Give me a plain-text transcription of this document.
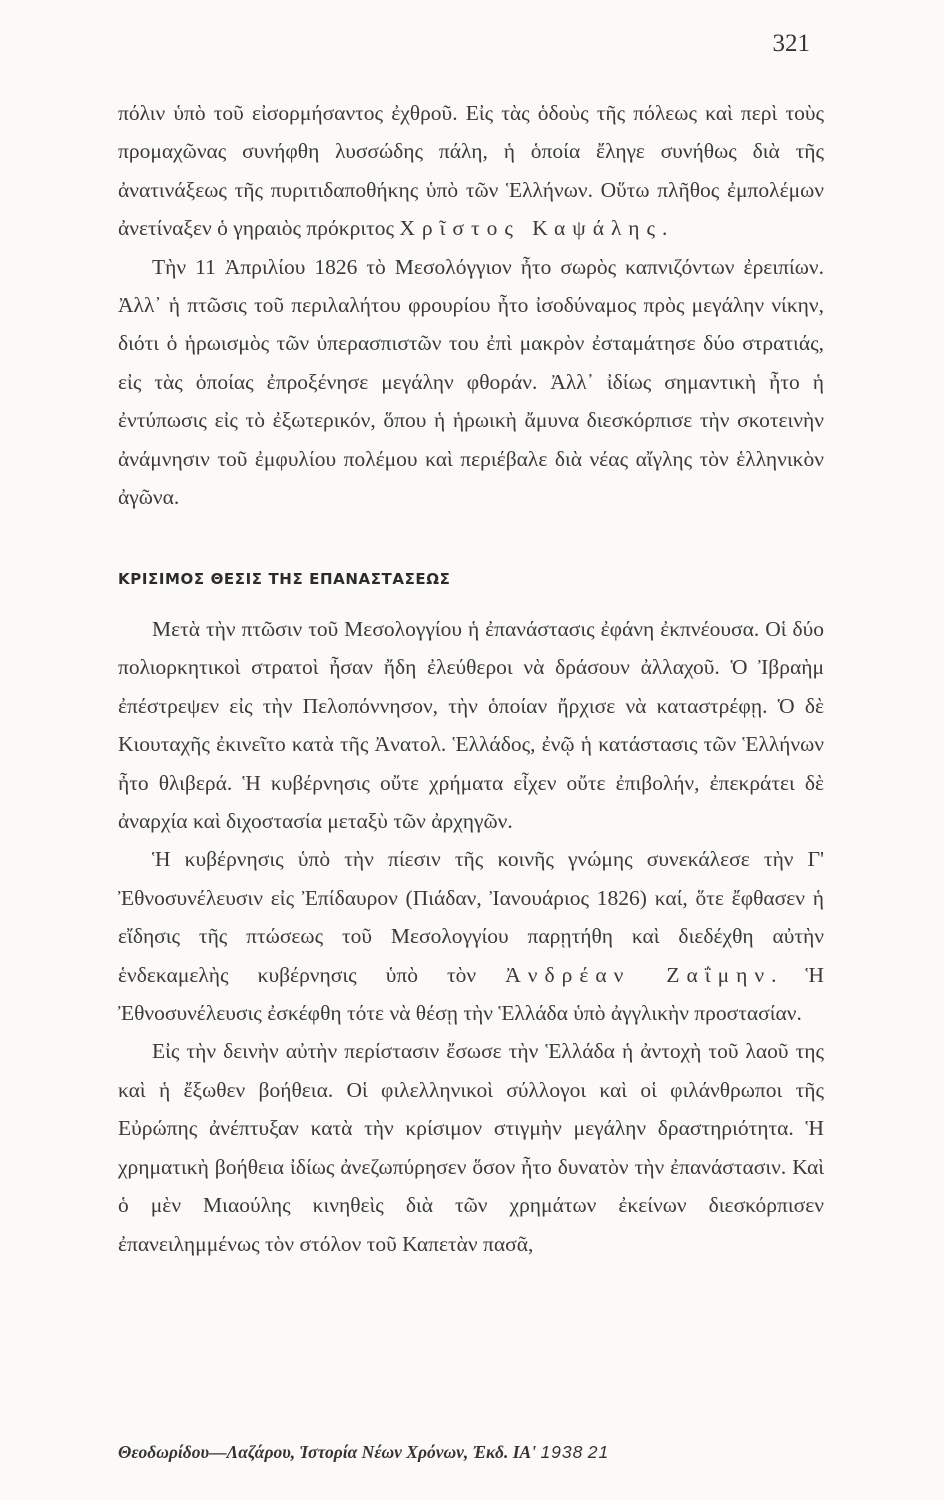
321

πόλιν ὑπὸ τοῦ εἰσορμήσαντος ἐχθροῦ. Εἰς τὰς ὁδοὺς τῆς πόλεως καὶ περὶ τοὺς προμαχῶνας συνήφθη λυσσώδης πάλη, ἡ ὁποία ἔληγε συνήθως διὰ τῆς ἀνατινάξεως τῆς πυριτιδαποθήκης ὑπὸ τῶν Ἑλλήνων. Οὕτω πλῆθος ἐμπολέμων ἀνετίναξεν ὁ γηραιὸς πρόκριτος Χρῖστος Καψάλης.

Τὴν 11 Ἀπριλίου 1826 τὸ Μεσολόγγιον ἦτο σωρὸς καπνιζόντων ἐρειπίων. Ἀλλ᾿ ἡ πτῶσις τοῦ περιλαλήτου φρουρίου ἦτο ἰσοδύναμος πρὸς μεγάλην νίκην, διότι ὁ ἡρωισμὸς τῶν ὑπερασπιστῶν του ἐπὶ μακρὸν ἐσταμάτησε δύο στρατιάς, εἰς τὰς ὁποίας ἐπροξένησε μεγάλην φθοράν. Ἀλλ᾿ ἰδίως σημαντικὴ ἦτο ἡ ἐντύπωσις εἰς τὸ ἐξωτερικόν, ὅπου ἡ ἡρωικὴ ἄμυνα διεσκόρπισε τὴν σκοτεινὴν ἀνάμνησιν τοῦ ἐμφυλίου πολέμου καὶ περιέβαλε διὰ νέας αἴγλης τὸν ἑλληνικὸν ἀγῶνα.

ΚΡΙΣΙΜΟΣ ΘΕΣΙΣ ΤΗΣ ΕΠΑΝΑΣΤΑΣΕΩΣ

Μετὰ τὴν πτῶσιν τοῦ Μεσολογγίου ἡ ἐπανάστασις ἐφάνη ἐκπνέουσα. Οἱ δύο πολιορκητικοὶ στρατοὶ ἦσαν ἤδη ἐλεύθεροι νὰ δράσουν ἀλλαχοῦ. Ὁ Ἰβραὴμ ἐπέστρεψεν εἰς τὴν Πελοπόννησον, τὴν ὁποίαν ἤρχισε νὰ καταστρέφῃ. Ὁ δὲ Κιουταχῆς ἐκινεῖτο κατὰ τῆς Ἀνατολ. Ἑλλάδος, ἐνῷ ἡ κατάστασις τῶν Ἑλλήνων ἦτο θλιβερά. Ἡ κυβέρνησις οὔτε χρήματα εἶχεν οὔτε ἐπιβολήν, ἐπεκράτει δὲ ἀναρχία καὶ διχοστασία μεταξὺ τῶν ἀρχηγῶν.

Ἡ κυβέρνησις ὑπὸ τὴν πίεσιν τῆς κοινῆς γνώμης συνεκάλεσε τὴν Γ' Ἐθνοσυνέλευσιν εἰς Ἐπίδαυρον (Πιάδαν, Ἰανουάριος 1826) καί, ὅτε ἔφθασεν ἡ εἴδησις τῆς πτώσεως τοῦ Μεσολογγίου παρῃτήθη καὶ διεδέχθη αὐτὴν ἑνδεκαμελὴς κυβέρνησις ὑπὸ τὸν Ἀνδρέαν Ζαΐμην. Ἡ Ἐθνοσυνέλευσις ἐσκέφθη τότε νὰ θέσῃ τὴν Ἑλλάδα ὑπὸ ἀγγλικὴν προστασίαν.

Εἰς τὴν δεινὴν αὐτὴν περίστασιν ἔσωσε τὴν Ἑλλάδα ἡ ἀντοχὴ τοῦ λαοῦ της καὶ ἡ ἔξωθεν βοήθεια. Οἱ φιλελληνικοὶ σύλλογοι καὶ οἱ φιλάνθρωποι τῆς Εὐρώπης ἀνέπτυξαν κατὰ τὴν κρίσιμον στιγμὴν μεγάλην δραστηριότητα. Ἡ χρηματικὴ βοήθεια ἰδίως ἀνεζωπύρησεν ὅσον ἦτο δυνατὸν τὴν ἐπανάστασιν. Καὶ ὁ μὲν Μιαούλης κινηθεὶς διὰ τῶν χρημάτων ἐκείνων διεσκόρπισεν ἐπανειλημμένως τὸν στόλον τοῦ Καπετὰν πασᾶ,

Θεοδωρίδου—Λαζάρου, Ἱστορία Νέων Χρόνων, Ἐκδ. ΙΑ' 1938 21
